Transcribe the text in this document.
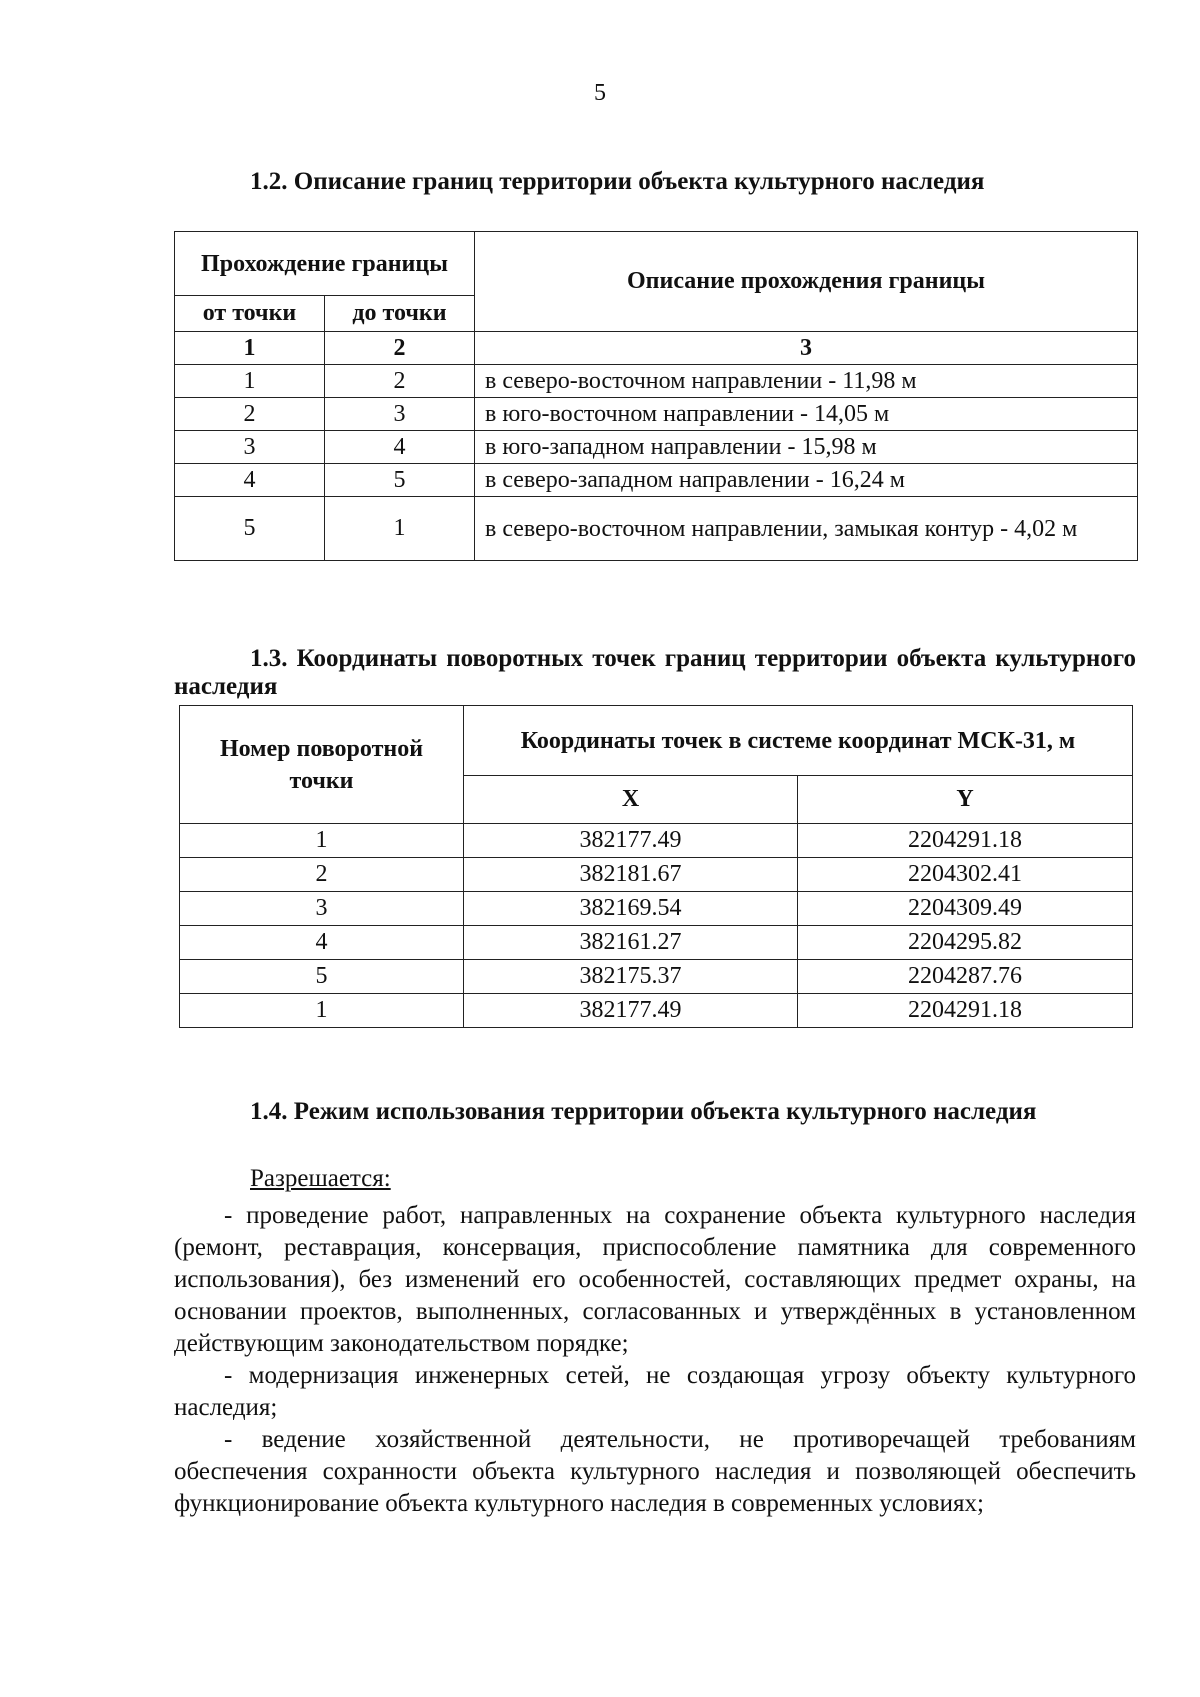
5
1.2. Описание границ территории объекта культурного наследия
Прохождение границы		Описание прохождения границы
от точки	до точки	
1	2	3
1	2	в северо-восточном направлении - 11,98 м
2	3	в юго-восточном направлении - 14,05 м
3	4	в юго-западном направлении - 15,98 м
4	5	в северо-западном направлении - 16,24 м
5	1	в северо-восточном направлении, замыкая контур - 4,02 м
1.3. Координаты поворотных точек границ территории объекта культурного наследия
Номер поворотной точки	Координаты точек в системе координат МСК-31, м	
	X	Y
1	382177.49	2204291.18
2	382181.67	2204302.41
3	382169.54	2204309.49
4	382161.27	2204295.82
5	382175.37	2204287.76
1	382177.49	2204291.18
1.4. Режим использования территории объекта культурного наследия
Разрешается:

- проведение работ, направленных на сохранение объекта культурного наследия (ремонт, реставрация, консервация, приспособление памятника для современного использования), без изменений его особенностей, составляющих предмет охраны, на основании проектов, выполненных, согласованных и утверждённых в установленном действующим законодательством порядке;

- модернизация инженерных сетей, не создающая угрозу объекту культурного наследия;

- ведение хозяйственной деятельности, не противоречащей требованиям обеспечения сохранности объекта культурного наследия и позволяющей обеспечить функционирование объекта культурного наследия в современных условиях;
